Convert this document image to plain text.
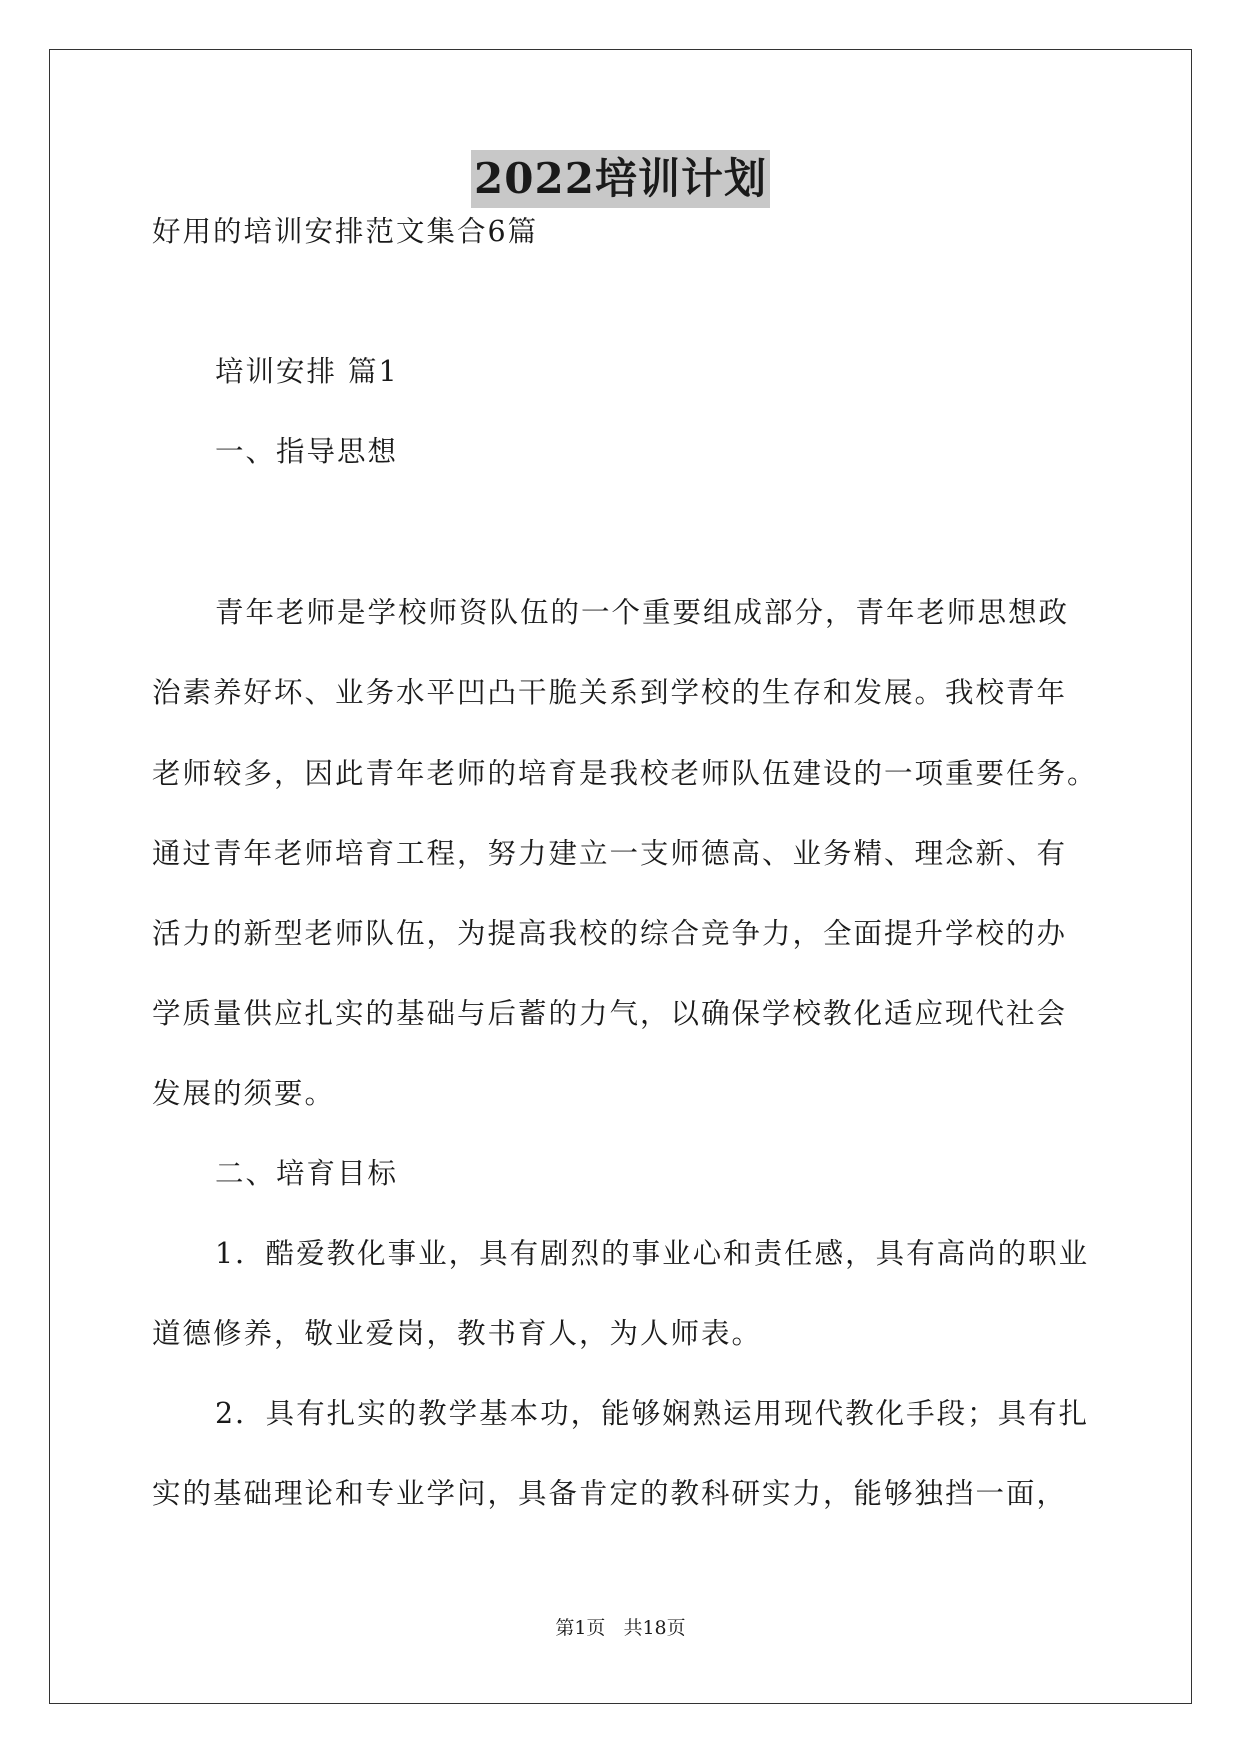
2022培训计划
好用的培训安排范文集合6篇
培训安排 篇1
一、指导思想
青年老师是学校师资队伍的一个重要组成部分，青年老师思想政
治素养好坏、业务水平凹凸干脆关系到学校的生存和发展。我校青年
老师较多，因此青年老师的培育是我校老师队伍建设的一项重要任务。
通过青年老师培育工程，努力建立一支师德高、业务精、理念新、有
活力的新型老师队伍，为提高我校的综合竞争力，全面提升学校的办
学质量供应扎实的基础与后蓄的力气，以确保学校教化适应现代社会
发展的须要。
二、培育目标
1．酷爱教化事业，具有剧烈的事业心和责任感，具有高尚的职业
道德修养，敬业爱岗，教书育人，为人师表。
2．具有扎实的教学基本功，能够娴熟运用现代教化手段；具有扎
实的基础理论和专业学问，具备肯定的教科研实力，能够独挡一面，
第1页 共18页
